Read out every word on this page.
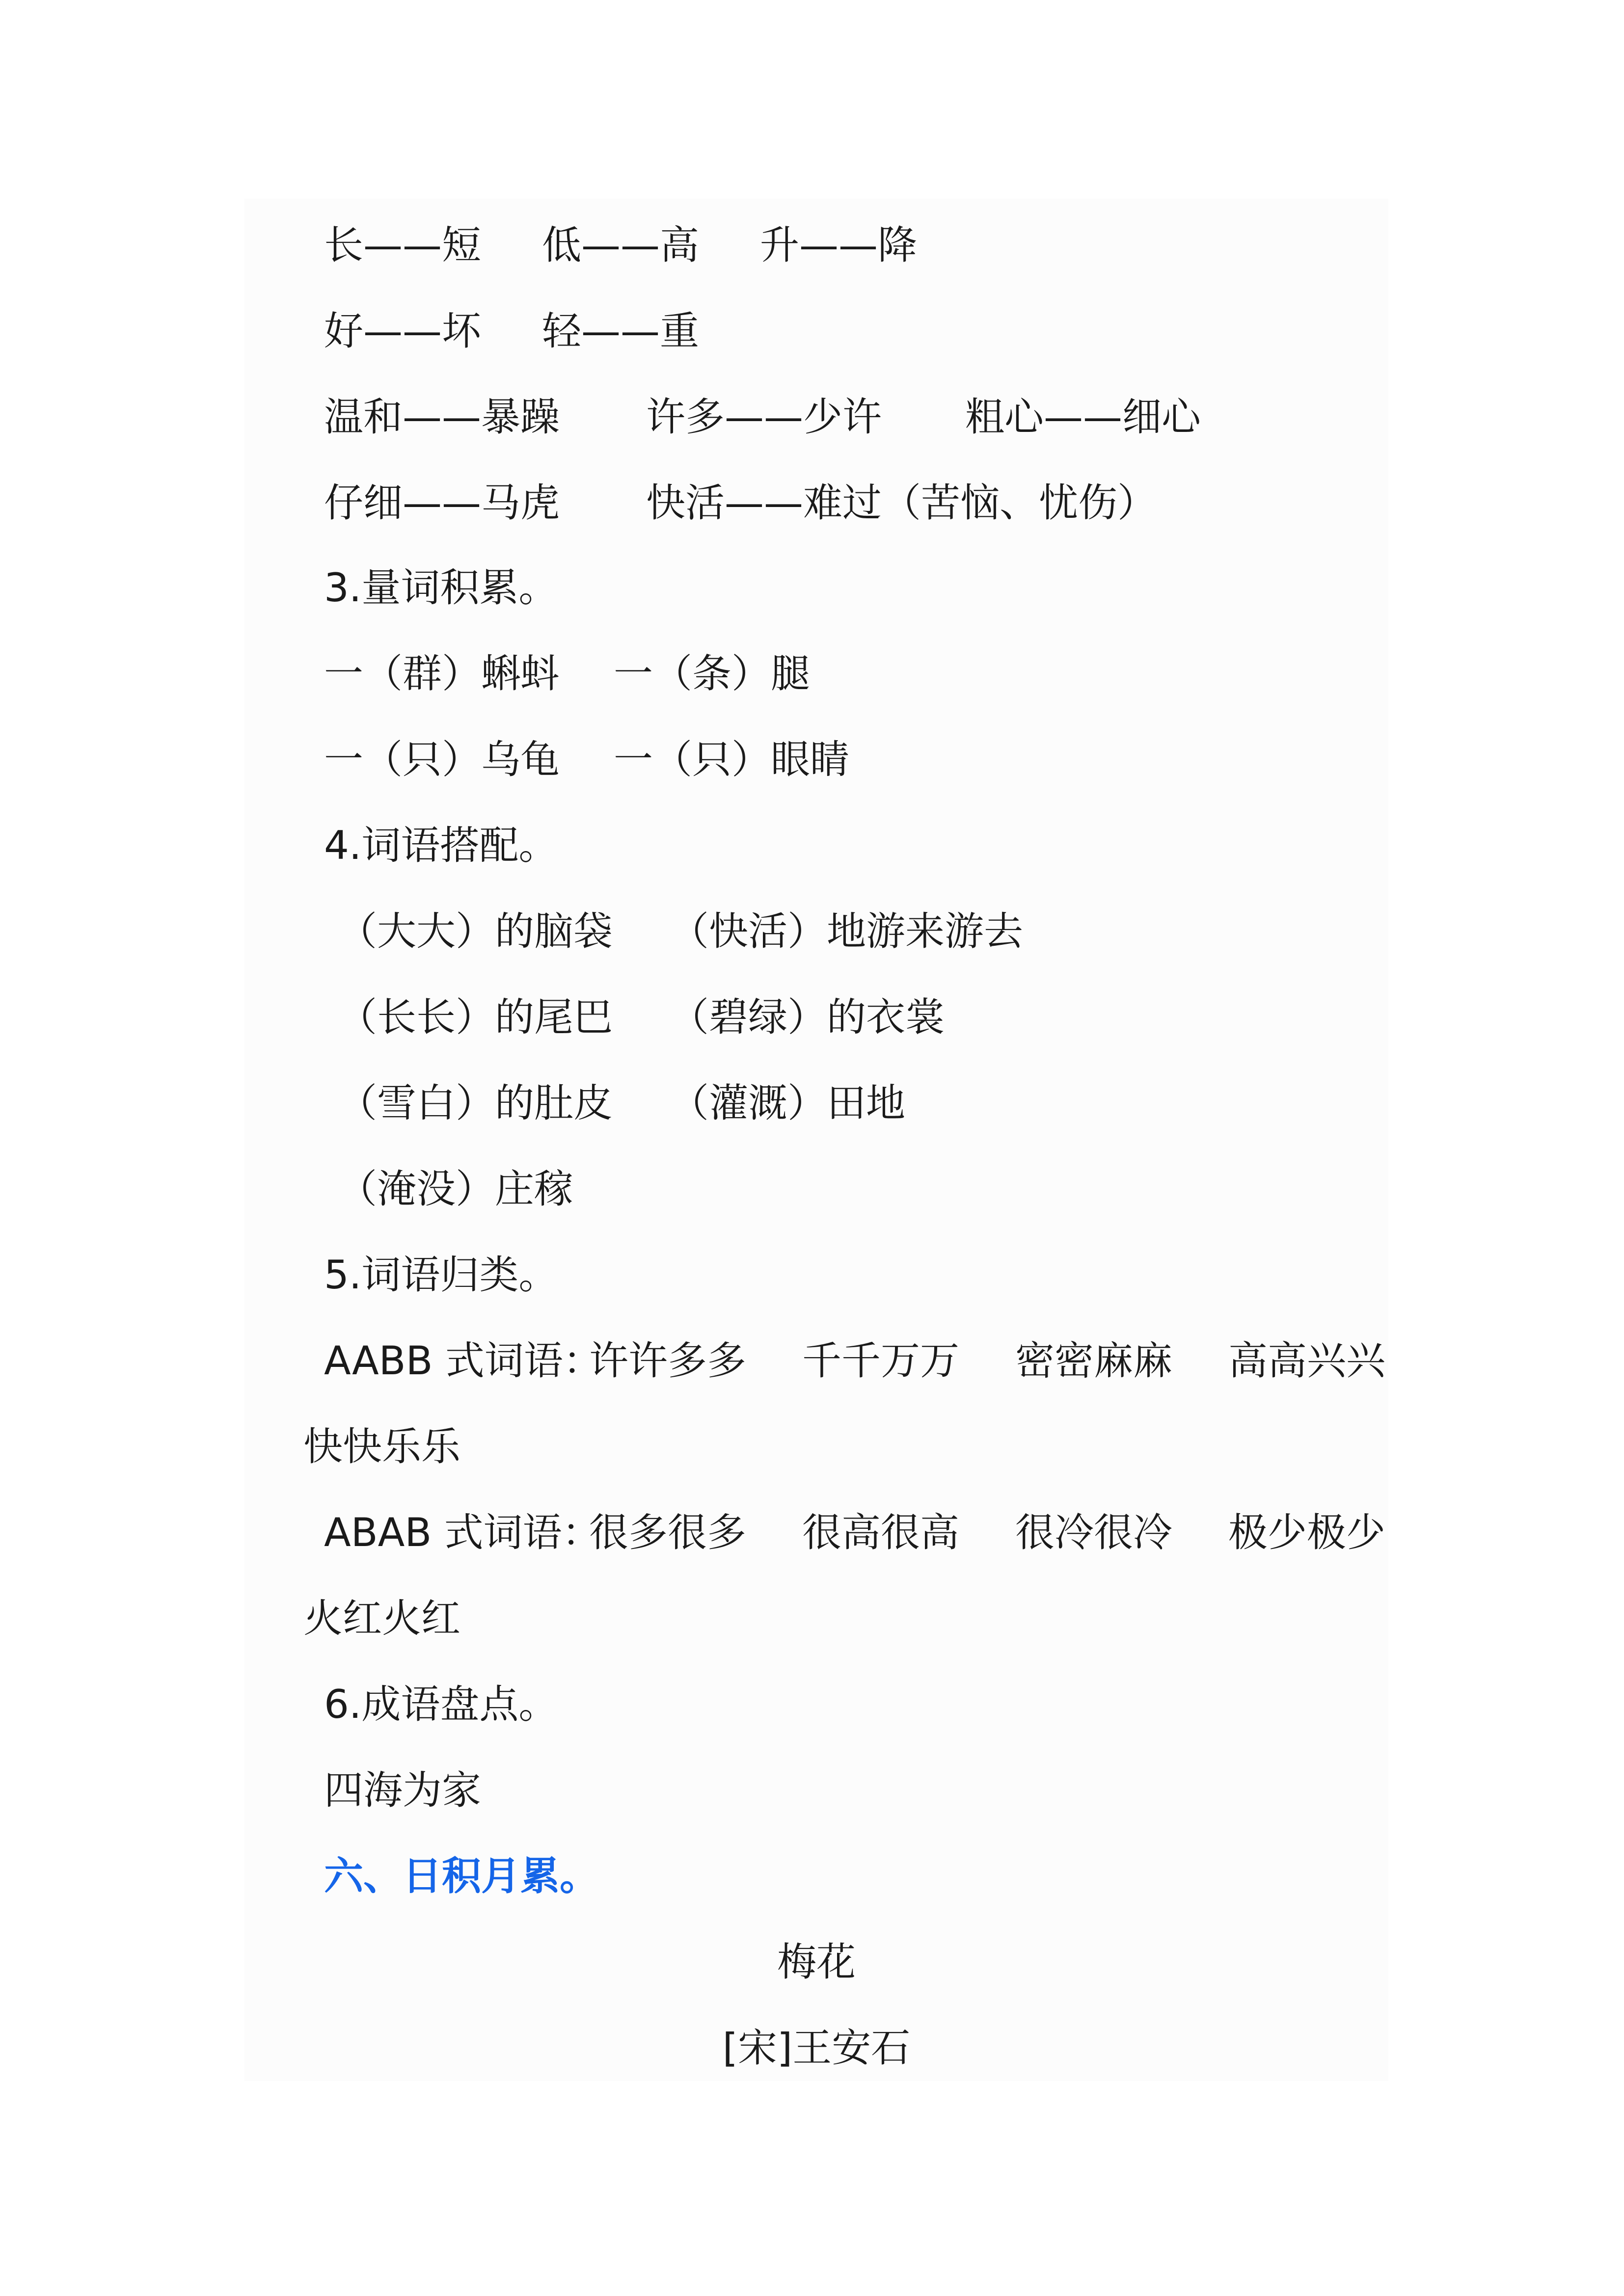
长——短 低——高 升——降
好——坏 轻——重
温和——暴躁 许多——少许 粗心——细心
仔细——马虎 快活——难过（苦恼、忧伤）
3.量词积累。
一（群）蝌蚪 一（条）腿
一（只）乌龟 一（只）眼睛
4.词语搭配。
（大大）的脑袋 （快活）地游来游去
（长长）的尾巴 （碧绿）的衣裳
（雪白）的肚皮 （灌溉）田地
（淹没）庄稼
5.词语归类。
AABB 式词语：
许许多多 千千万万 密密麻麻 高高兴兴
快快乐乐
ABAB 式词语：
很多很多 很高很高 很冷很冷 极少极少
火红火红
6.成语盘点。
四海为家
六、日积月累。
梅花
[宋]王安石
